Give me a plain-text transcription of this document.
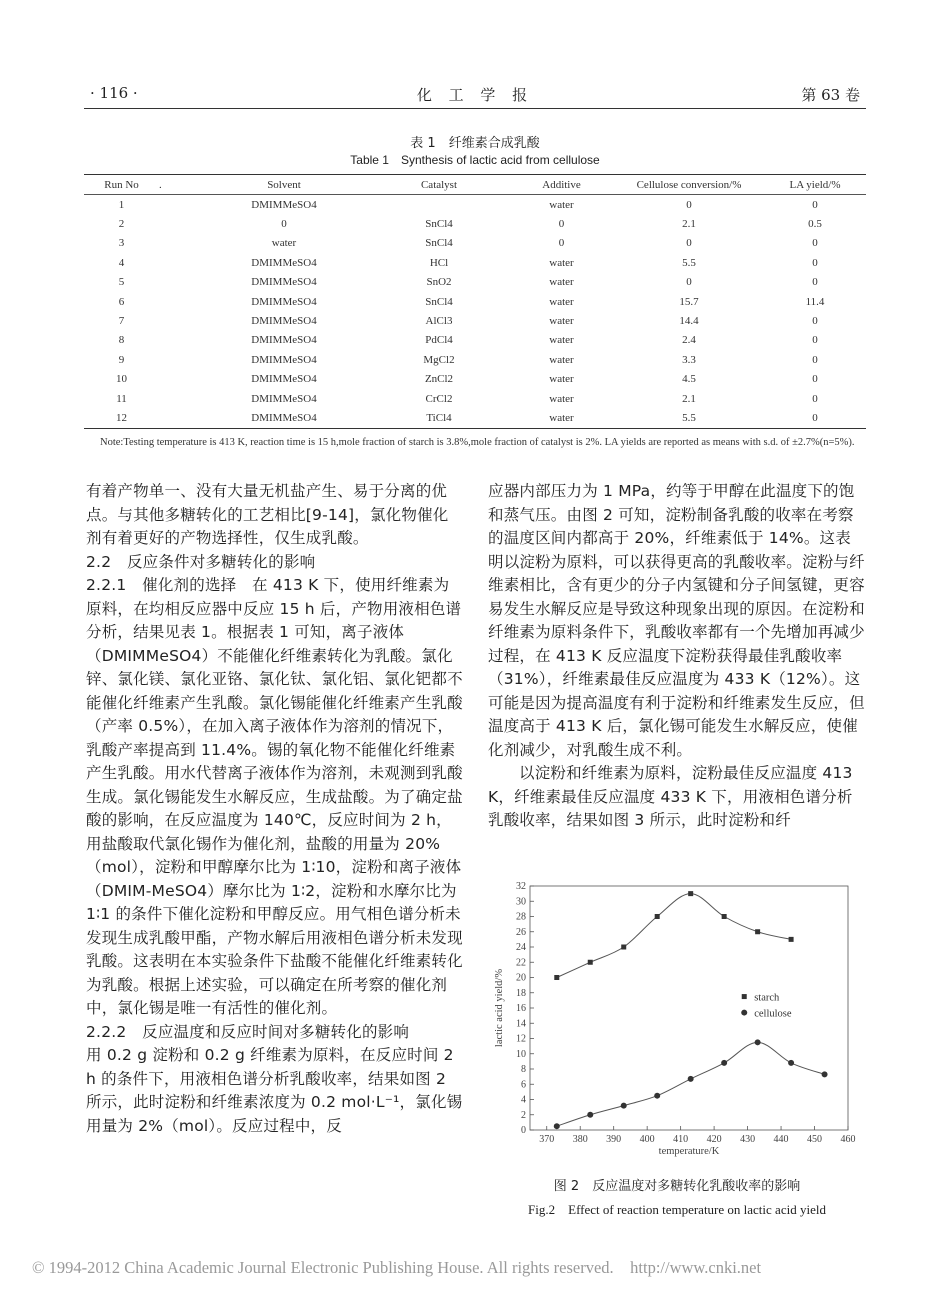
· 116 ·	化 工 学 报	第 63 卷
表 1　纤维素合成乳酸
Table 1　Synthesis of lactic acid from cellulose
Run No	.	Solvent	Catalyst	Additive	Cellulose conversion/%	LA yield/%
1		DMIMMeSO4		water	0	0
2		0	SnCl4	0	2.1	0.5
3		water	SnCl4	0	0	0
4		DMIMMeSO4	HCl	water	5.5	0
5		DMIMMeSO4	SnO2	water	0	0
6		DMIMMeSO4	SnCl4	water	15.7	11.4
7		DMIMMeSO4	AlCl3	water	14.4	0
8		DMIMMeSO4	PdCl4	water	2.4	0
9		DMIMMeSO4	MgCl2	water	3.3	0
10		DMIMMeSO4	ZnCl2	water	4.5	0
11		DMIMMeSO4	CrCl2	water	2.1	0
12		DMIMMeSO4	TiCl4	water	5.5	0
Note:Testing temperature is 413 K, reaction time is 15 h,mole fraction of starch is 3.8%,mole fraction of catalyst is 2%. LA yields are reported as means with s.d. of ±2.7%(n=5%).

有着产物单一、没有大量无机盐产生、易于分离的优点。与其他多糖转化的工艺相比[9-14]，氯化物催化剂有着更好的产物选择性，仅生成乳酸。

2.2　反应条件对多糖转化的影响

2.2.1　催化剂的选择　在 413 K 下，使用纤维素为原料，在均相反应器中反应 15 h 后，产物用液相色谱分析，结果见表 1。根据表 1 可知，离子液体（DMIMMeSO4）不能催化纤维素转化为乳酸。氯化锌、氯化镁、氯化亚铬、氯化钛、氯化铝、氯化钯都不能催化纤维素产生乳酸。氯化锡能催化纤维素产生乳酸（产率 0.5%），在加入离子液体作为溶剂的情况下，乳酸产率提高到 11.4%。锡的氧化物不能催化纤维素产生乳酸。用水代替离子液体作为溶剂，未观测到乳酸生成。氯化锡能发生水解反应，生成盐酸。为了确定盐酸的影响，在反应温度为 140℃，反应时间为 2 h，用盐酸取代氯化锡作为催化剂，盐酸的用量为 20%（mol），淀粉和甲醇摩尔比为 1∶10，淀粉和离子液体（DMIM-MeSO4）摩尔比为 1∶2，淀粉和水摩尔比为 1∶1 的条件下催化淀粉和甲醇反应。用气相色谱分析未发现生成乳酸甲酯，产物水解后用液相色谱分析未发现乳酸。这表明在本实验条件下盐酸不能催化纤维素转化为乳酸。根据上述实验，可以确定在所考察的催化剂中，氯化锡是唯一有活性的催化剂。

2.2.2　反应温度和反应时间对多糖转化的影响

用 0.2 g 淀粉和 0.2 g 纤维素为原料，在反应时间 2 h 的条件下，用液相色谱分析乳酸收率，结果如图 2 所示，此时淀粉和纤维素浓度为 0.2 mol·L⁻¹，氯化锡用量为 2%（mol）。反应过程中，反

应器内部压力为 1 MPa，约等于甲醇在此温度下的饱和蒸气压。由图 2 可知，淀粉制备乳酸的收率在考察的温度区间内都高于 20%，纤维素低于 14%。这表明以淀粉为原料，可以获得更高的乳酸收率。淀粉与纤维素相比，含有更少的分子内氢键和分子间氢键，更容易发生水解反应是导致这种现象出现的原因。在淀粉和纤维素为原料条件下，乳酸收率都有一个先增加再减少过程，在 413 K 反应温度下淀粉获得最佳乳酸收率（31%），纤维素最佳反应温度为 433 K（12%）。这可能是因为提高温度有利于淀粉和纤维素发生反应，但温度高于 413 K 后，氯化锡可能发生水解反应，使催化剂减少，对乳酸生成不利。

以淀粉和纤维素为原料，淀粉最佳反应温度 413 K，纤维素最佳反应温度 433 K 下，用液相色谱分析乳酸收率，结果如图 3 所示，此时淀粉和纤

370 380 390 400 410 420 430 440 450 460
0
2
4
6
8
10
12
14
16
18
20
22
24
26
28
30
32
temperature/K
lactic acid yield/%	starch
cellulose
图 2　反应温度对多糖转化乳酸收率的影响
Fig.2　Effect of reaction temperature on lactic acid yield
© 1994-2012 China Academic Journal Electronic Publishing House. All rights reserved.　http://www.cnki.net
